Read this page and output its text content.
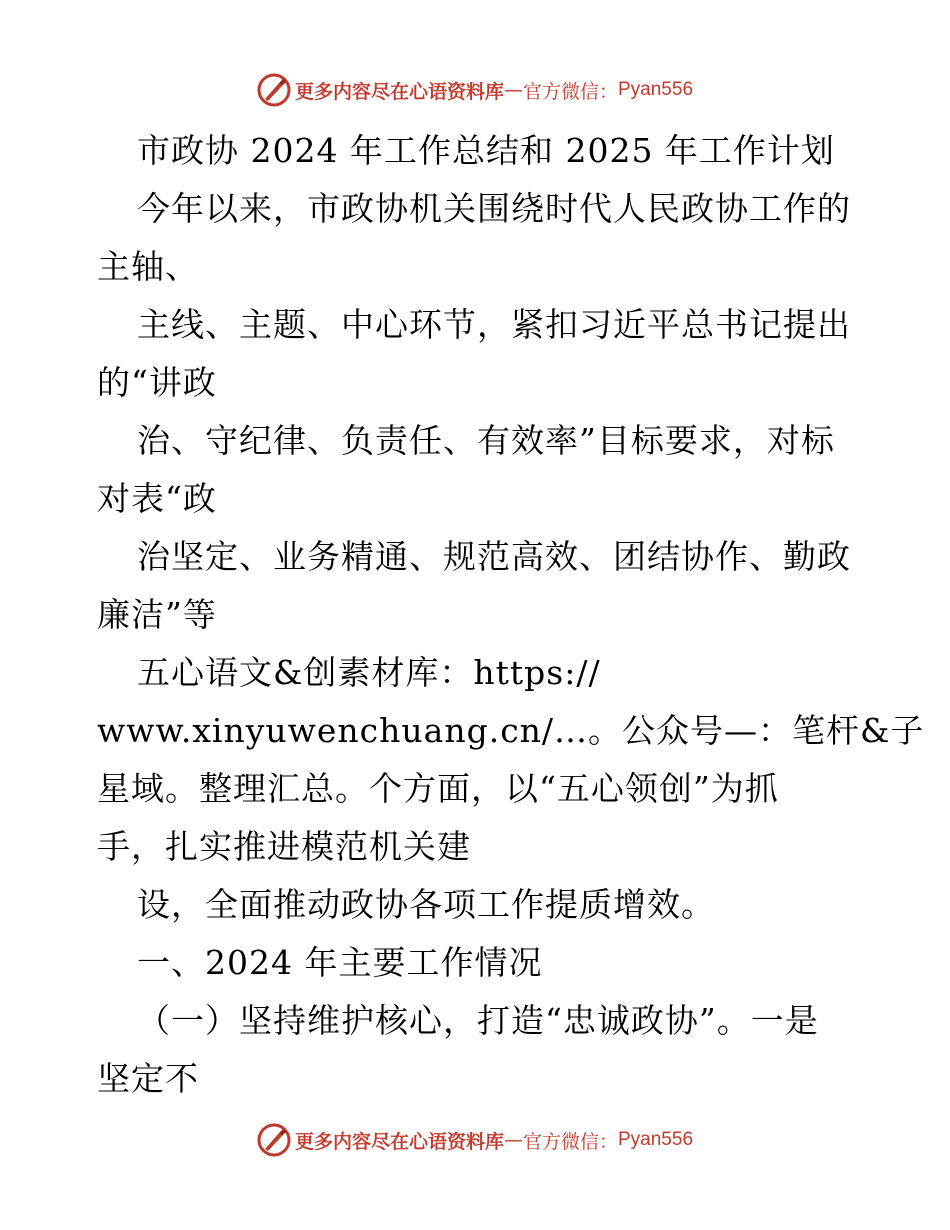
更多内容尽在心语资料库 — 官方微信： Pyan556
市政协 2024 年工作总结和 2025 年工作计划
今年以来，市政协机关围绕时代人民政协工作的
主轴、
主线、主题、中心环节，紧扣习近平总书记提出
的“讲政
治、守纪律、负责任、有效率”目标要求，对标
对表“政
治坚定、业务精通、规范高效、团结协作、勤政
廉洁”等
五心语文&创素材库：https://
www.xinyuwenchuang.cn/…。公众号—：笔杆&子
星域。整理汇总。个方面，以“五心领创”为抓
手，扎实推进模范机关建
设，全面推动政协各项工作提质增效。
一、2024 年主要工作情况
（一）坚持维护核心，打造“忠诚政协”。一是
坚定不
更多内容尽在心语资料库 — 官方微信： Pyan556
